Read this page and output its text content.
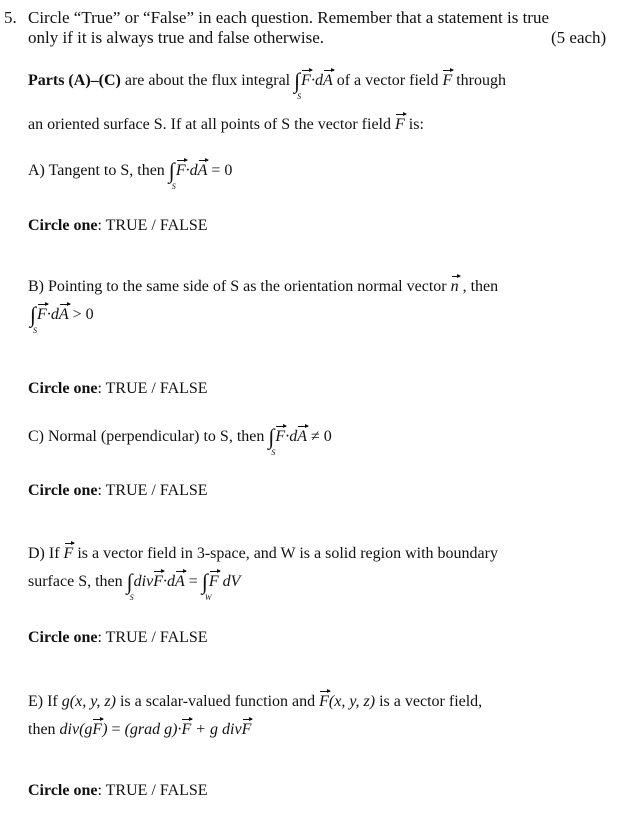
5. Circle “True” or “False” in each question. Remember that a statement is true
only if it is always true and false otherwise.	(5 each)
Parts (A)–(C) are about the flux integral ∫
S
F·dA of a vector field F through
an oriented surface S. If at all points of S the vector field F is:
A) Tangent to S, then ∫
S
F·dA = 0
Circle one: TRUE / FALSE
B) Pointing to the same side of S as the orientation normal vector n , then
∫
S
F·dA > 0
Circle one: TRUE / FALSE
C) Normal (perpendicular) to S, then ∫
S
F·dA ≠ 0
Circle one: TRUE / FALSE
D) If F is a vector field in 3-space, and W is a solid region with boundary
surface S, then ∫
S
divF·dA = ∫
W
F dV
Circle one: TRUE / FALSE
E) If g(x, y, z) is a scalar-valued function and F(x, y, z) is a vector field,
then div(gF) = (grad g)·F + g divF
Circle one: TRUE / FALSE
